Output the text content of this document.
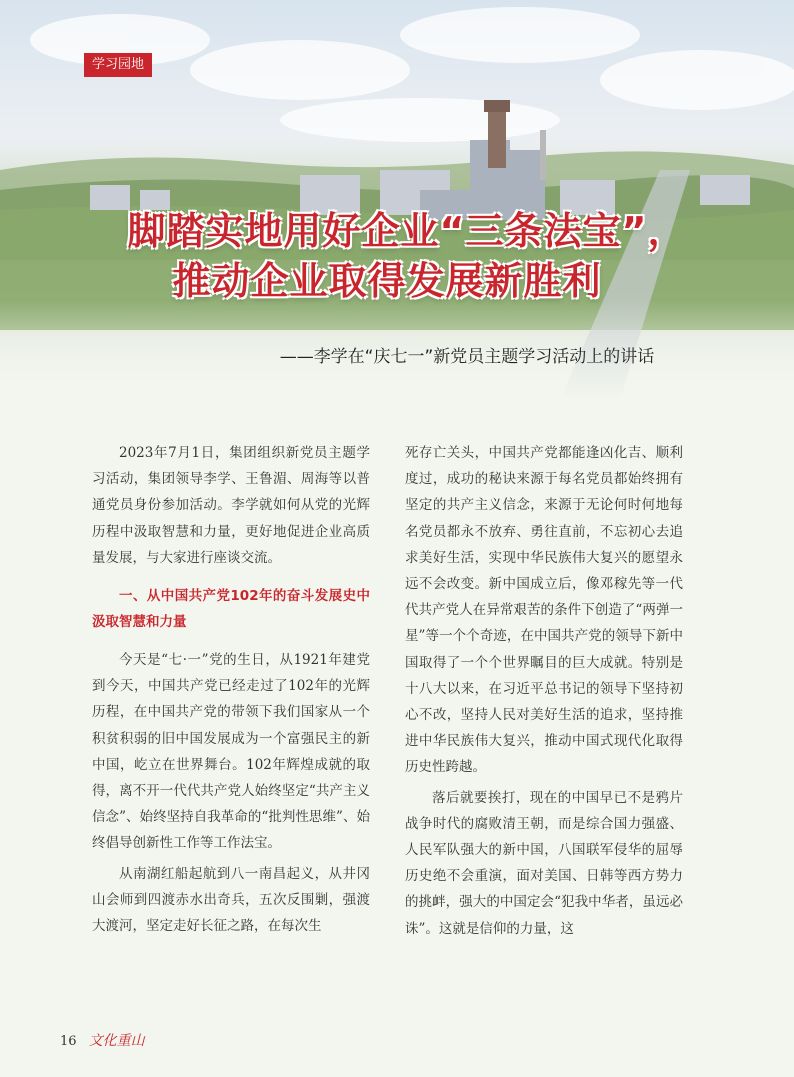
学习园地
脚踏实地用好企业“三条法宝”，
推动企业取得发展新胜利
——李学在“庆七一”新党员主题学习活动上的讲话

2023年7月1日，集团组织新党员主题学习活动，集团领导李学、王鲁湄、周海等以普通党员身份参加活动。李学就如何从党的光辉历程中汲取智慧和力量，更好地促进企业高质量发展，与大家进行座谈交流。

一、从中国共产党102年的奋斗发展史中汲取智慧和力量

今天是“七·一”党的生日，从1921年建党到今天，中国共产党已经走过了102年的光辉历程，在中国共产党的带领下我们国家从一个积贫积弱的旧中国发展成为一个富强民主的新中国，屹立在世界舞台。102年辉煌成就的取得，离不开一代代共产党人始终坚定“共产主义信念”、始终坚持自我革命的“批判性思维”、始终倡导创新性工作等工作法宝。

从南湖红船起航到八一南昌起义，从井冈山会师到四渡赤水出奇兵，五次反围剿，强渡大渡河，坚定走好长征之路，在每次生

死存亡关头，中国共产党都能逢凶化吉、顺利度过，成功的秘诀来源于每名党员都始终拥有坚定的共产主义信念，来源于无论何时何地每名党员都永不放弃、勇往直前，不忘初心去追求美好生活，实现中华民族伟大复兴的愿望永远不会改变。新中国成立后，像邓稼先等一代代共产党人在异常艰苦的条件下创造了“两弹一星”等一个个奇迹，在中国共产党的领导下新中国取得了一个个世界瞩目的巨大成就。特别是十八大以来，在习近平总书记的领导下坚持初心不改，坚持人民对美好生活的追求，坚持推进中华民族伟大复兴，推动中国式现代化取得历史性跨越。

落后就要挨打，现在的中国早已不是鸦片战争时代的腐败清王朝，而是综合国力强盛、人民军队强大的新中国，八国联军侵华的屈辱历史绝不会重演，面对美国、日韩等西方势力的挑衅，强大的中国定会“犯我中华者，虽远必诛”。这就是信仰的力量，这

16 文化重山
